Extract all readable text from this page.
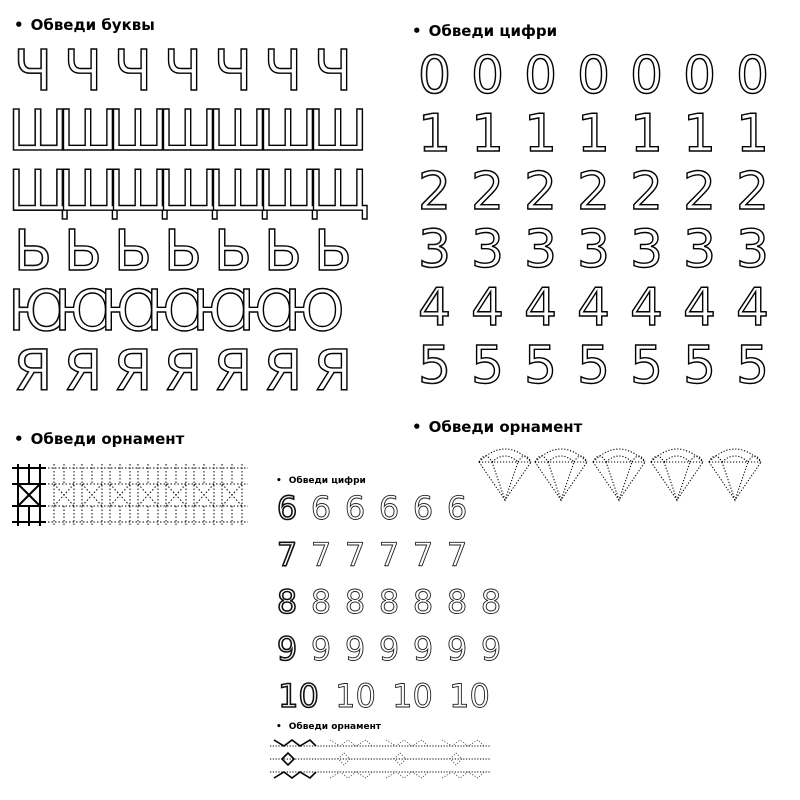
• Обведи буквы
Ч Ч Ч Ч Ч Ч Ч
Ш
Ш
Ш
Ш
Ш
Ш
Ш
Щ
Щ
Щ
Щ
Щ
Щ
Щ
Ь Ь Ь Ь Ь Ь Ь
Ю
Ю
Ю
Ю
Ю
Ю
Ю
Я Я Я Я Я Я Я
• Обведи цифри
0 0 0 0 0 0 0
1 1 1 1 1 1 1
2 2 2 2 2 2 2
3 3 3 3 3 3 3
4 4 4 4 4 4 4
5 5 5 5 5 5 5
• Обведи орнамент
• Обведи орнамент
• Обведи цифри
6 6 6 6 6 6
7 7 7 7 7 7
8 8 8 8 8 8 8
9 9 9 9 9 9 9
10 10 10 10
• Обведи орнамент
